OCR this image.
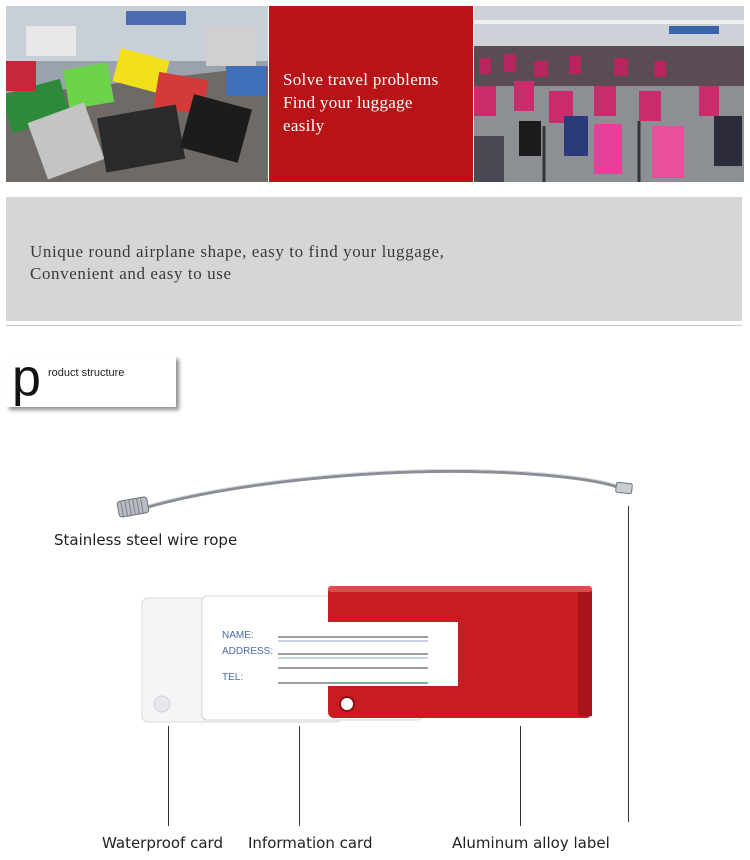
Solve travel problems
Find your luggage
easily
Unique round airplane shape, easy to find your luggage,
Convenient and easy to use
p roduct structure
Stainless steel wire rope
NAME:
ADDRESS:
TEL:
Waterproof card Information card	Aluminum alloy label
